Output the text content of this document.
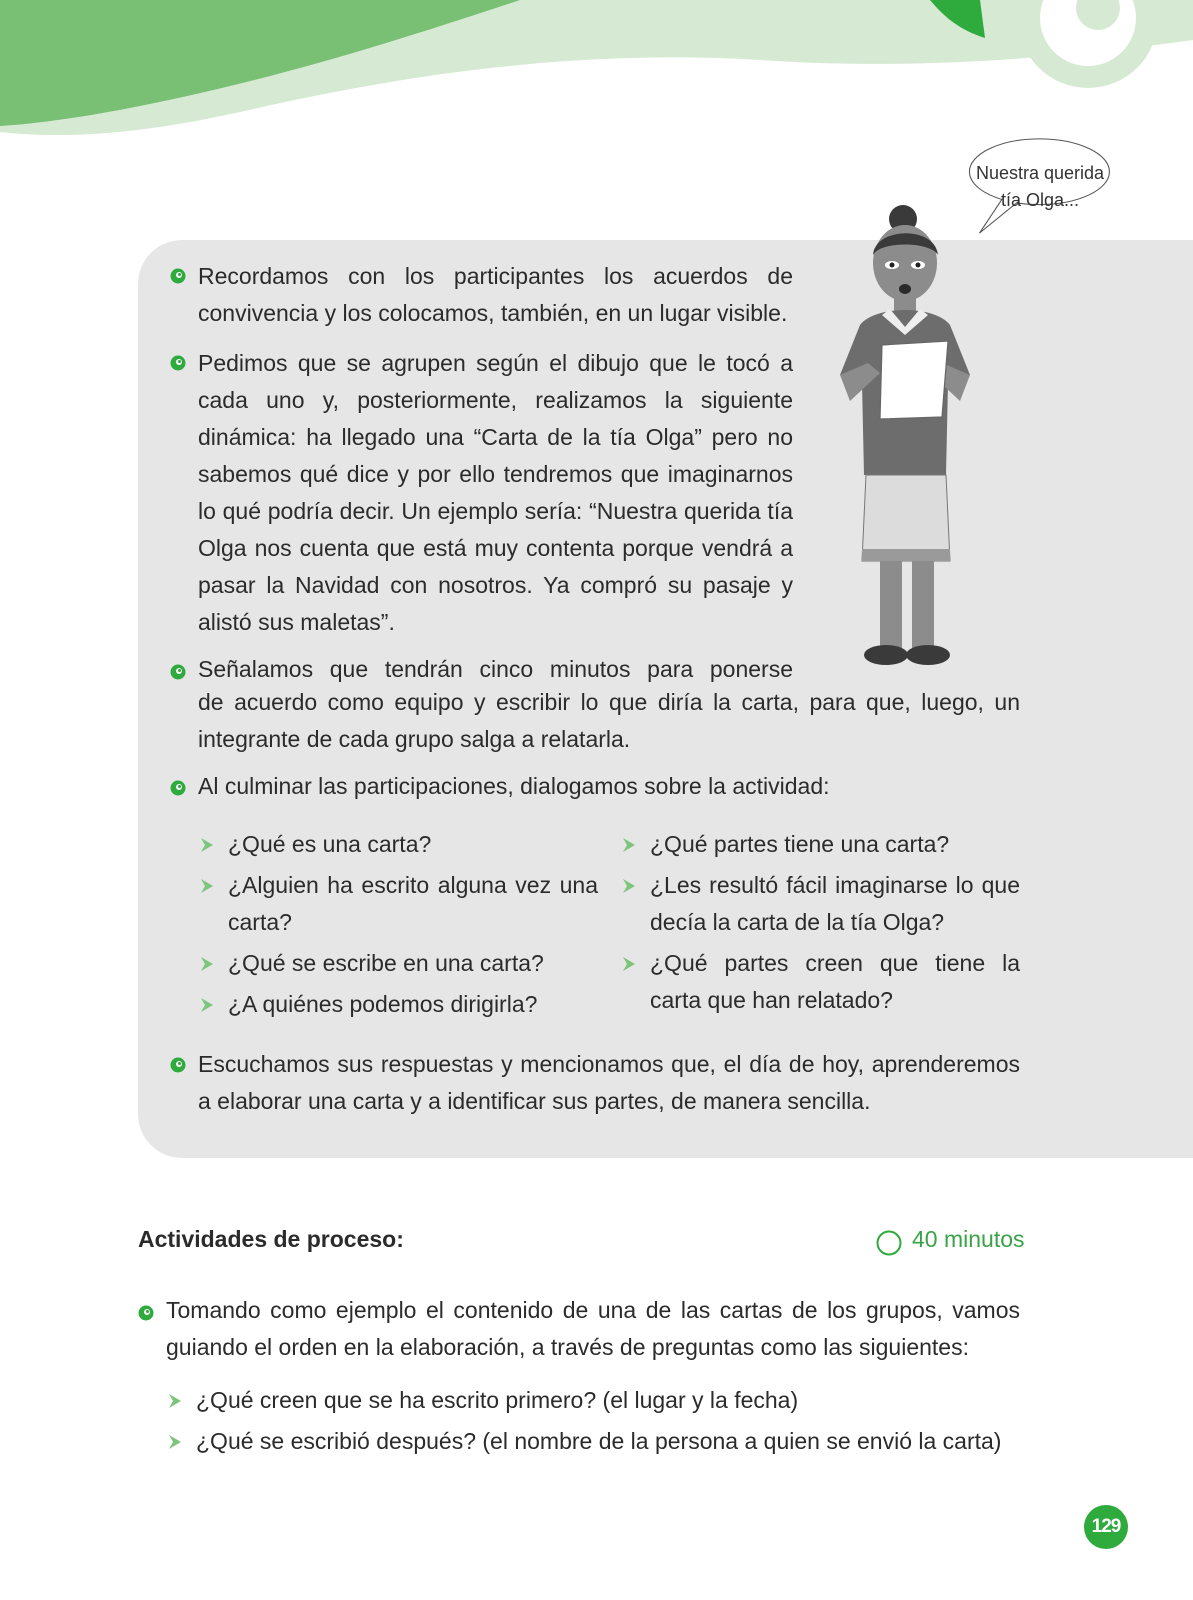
Nuestra querida
tía Olga...

Recordamos con los participantes los acuerdos de convivencia y los colocamos, también, en un lugar visible.

Pedimos que se agrupen según el dibujo que le tocó a cada uno y, posteriormente, realizamos la siguiente dinámica: ha llegado una “Carta de la tía Olga” pero no sabemos qué dice y por ello tendremos que imaginarnos lo qué podría decir. Un ejemplo sería: “Nuestra querida tía Olga nos cuenta que está muy contenta porque vendrá a pasar la Navidad con nosotros. Ya compró su pasaje y alistó sus maletas”.

Señalamos que tendrán cinco minutos para ponerse

de acuerdo como equipo y escribir lo que diría la carta, para que, luego, un integrante de cada grupo salga a relatarla.

Al culminar las participaciones, dialogamos sobre la actividad:

¿Qué es una carta?

¿Alguien ha escrito alguna vez una carta?

¿Qué se escribe en una carta?

¿A quiénes podemos dirigirla?

¿Qué partes tiene una carta?

¿Les resultó fácil imaginarse lo que decía la carta de la tía Olga?

¿Qué partes creen que tiene la carta que han relatado?

Escuchamos sus respuestas y mencionamos que, el día de hoy, aprenderemos a elaborar una carta y a identificar sus partes, de manera sencilla.

Actividades de proceso:	40 minutos

Tomando como ejemplo el contenido de una de las cartas de los grupos, vamos guiando el orden en la elaboración, a través de preguntas como las siguientes:

¿Qué creen que se ha escrito primero? (el lugar y la fecha)

¿Qué se escribió después? (el nombre de la persona a quien se envió la carta)

129
